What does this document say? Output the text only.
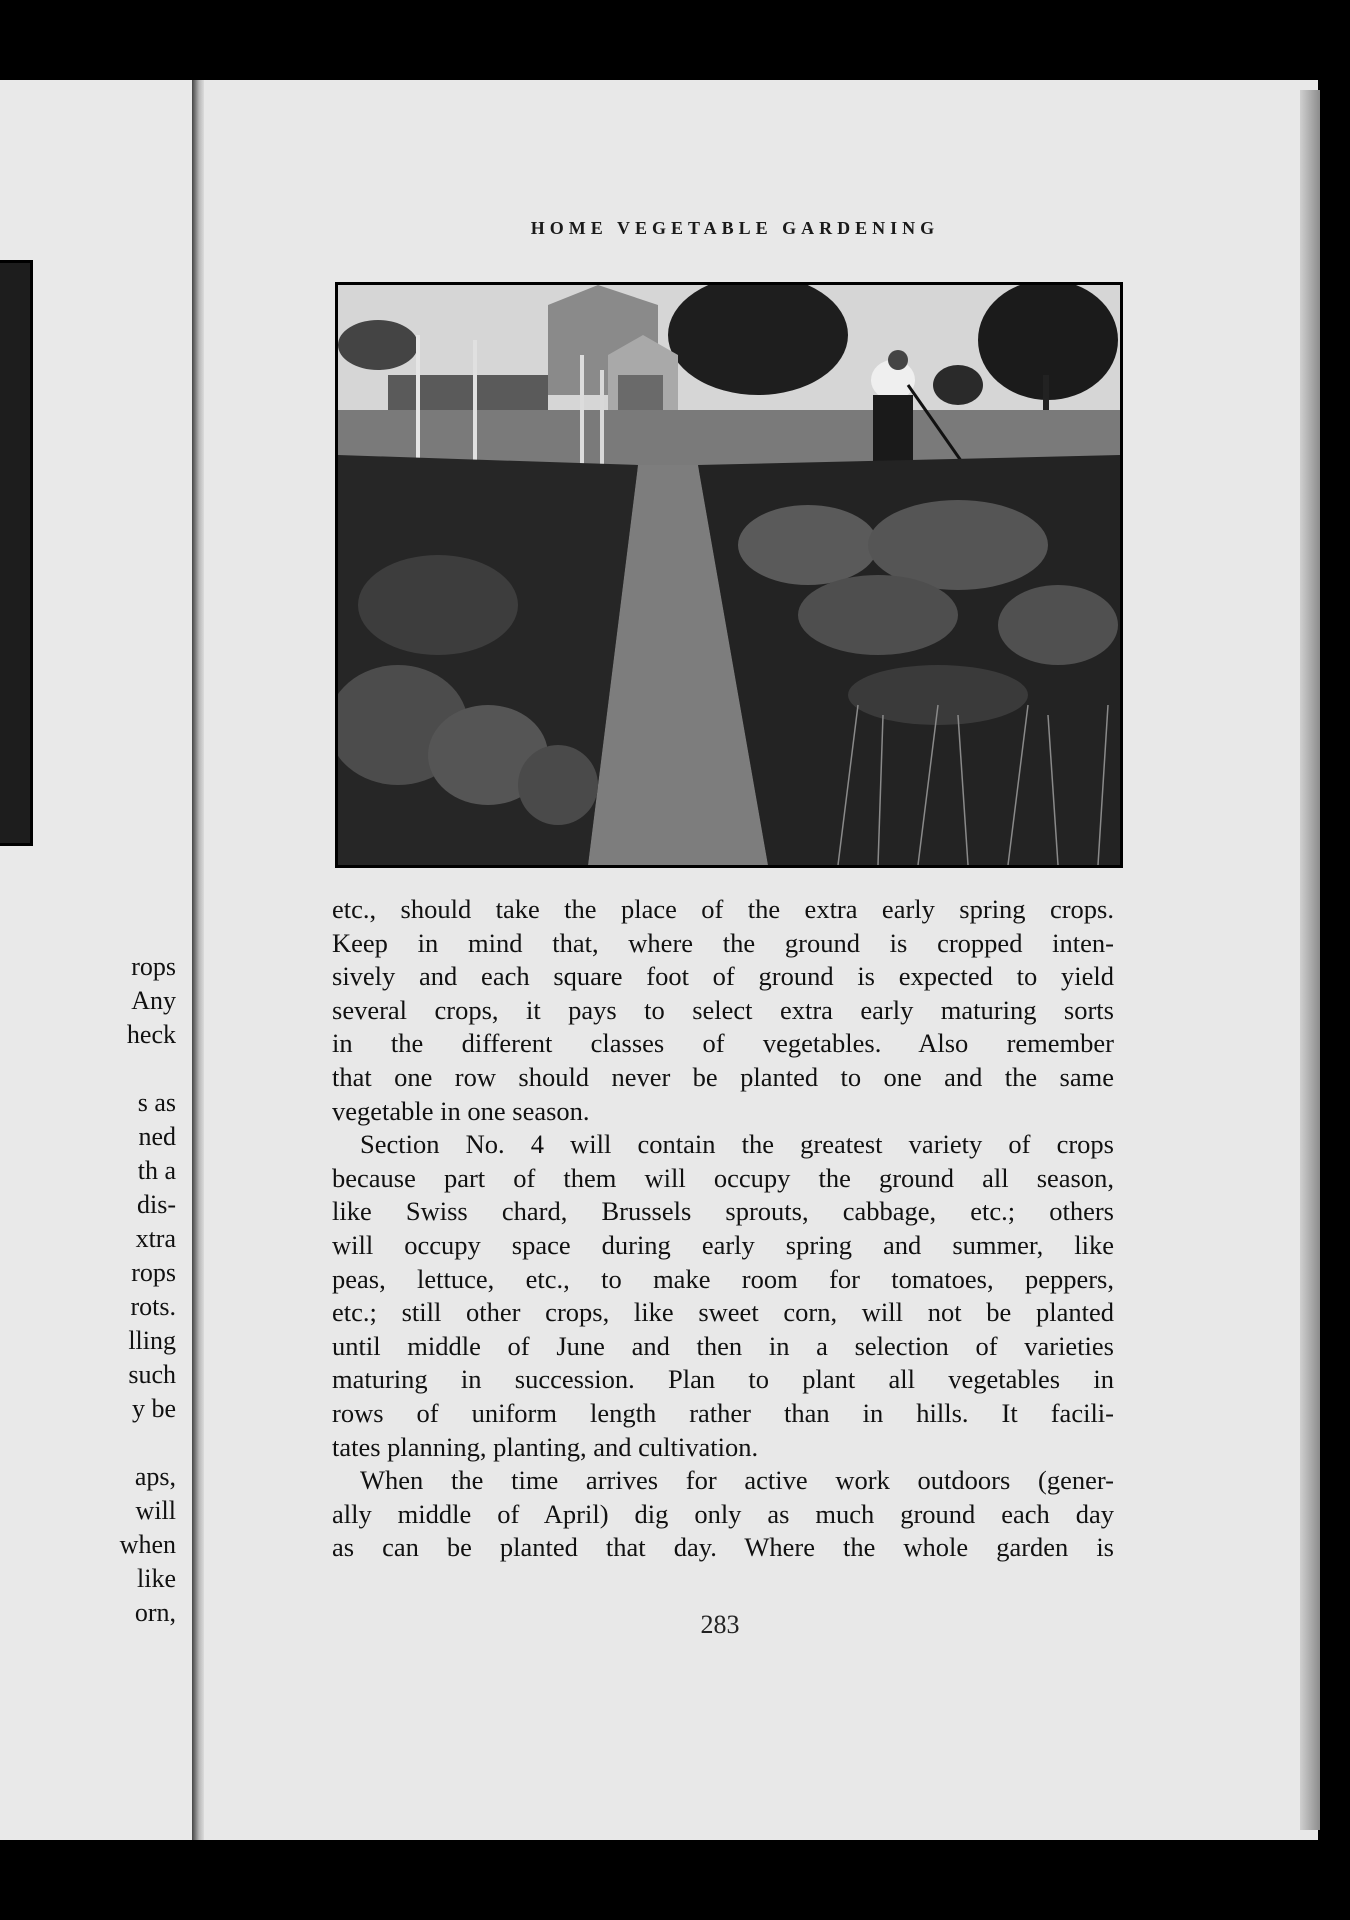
rops
Any
heck

s as
ned
th a
dis-
xtra
rops
rots.
lling
such
y be

aps,
will
when
like
orn,
HOME VEGETABLE GARDENING

etc., should take the place of the extra early spring crops.

Keep in mind that, where the ground is cropped inten-

sively and each square foot of ground is expected to yield

several crops, it pays to select extra early maturing sorts

in the different classes of vegetables. Also remember

that one row should never be planted to one and the same

vegetable in one season.

Section No. 4 will contain the greatest variety of crops

because part of them will occupy the ground all season,

like Swiss chard, Brussels sprouts, cabbage, etc.; others

will occupy space during early spring and summer, like

peas, lettuce, etc., to make room for tomatoes, peppers,

etc.; still other crops, like sweet corn, will not be planted

until middle of June and then in a selection of varieties

maturing in succession. Plan to plant all vegetables in

rows of uniform length rather than in hills. It facili-

tates planning, planting, and cultivation.

When the time arrives for active work outdoors (gener-

ally middle of April) dig only as much ground each day

as can be planted that day. Where the whole garden is

283
